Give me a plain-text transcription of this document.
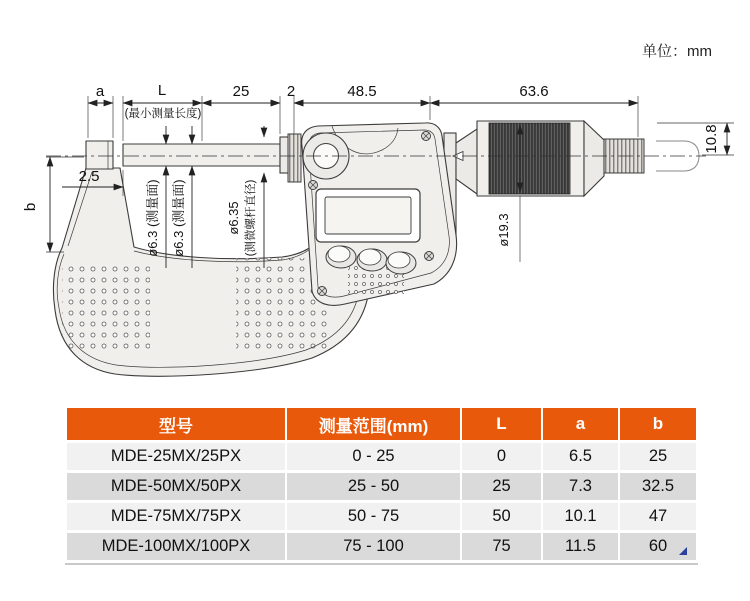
单位：mm
a	L
(最小测量长度)
25 2	48.5	63.6
10.8
b
2.5
ø6.3 (测量面) ø6.3 (测量面)	ø6.35 (测微螺杆直径)	ø19.3
型号	测量范围(mm)	L	a	b
MDE-25MX/25PX	0 - 25	0	6.5	25
MDE-50MX/50PX	25 - 50	25	7.3	32.5
MDE-75MX/75PX	50 - 75	50	10.1	47
MDE-100MX/100PX	75 - 100	75	11.5	60
